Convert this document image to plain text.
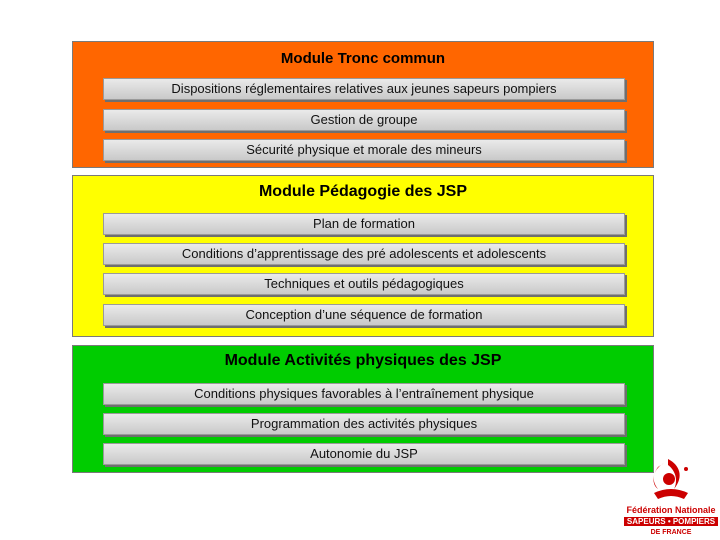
Module Tronc commun
Dispositions réglementaires relatives aux jeunes sapeurs pompiers
Gestion de groupe
Sécurité physique et morale des mineurs
Module Pédagogie des JSP
Plan de formation
Conditions d’apprentissage des pré adolescents et adolescents
Techniques et outils pédagogiques
Conception d’une séquence de formation
Module Activités physiques des JSP
Conditions physiques favorables à l’entraînement physique
Programmation des activités physiques
Autonomie du JSP
Fédération Nationale
SAPEURS • POMPIERS
DE FRANCE
